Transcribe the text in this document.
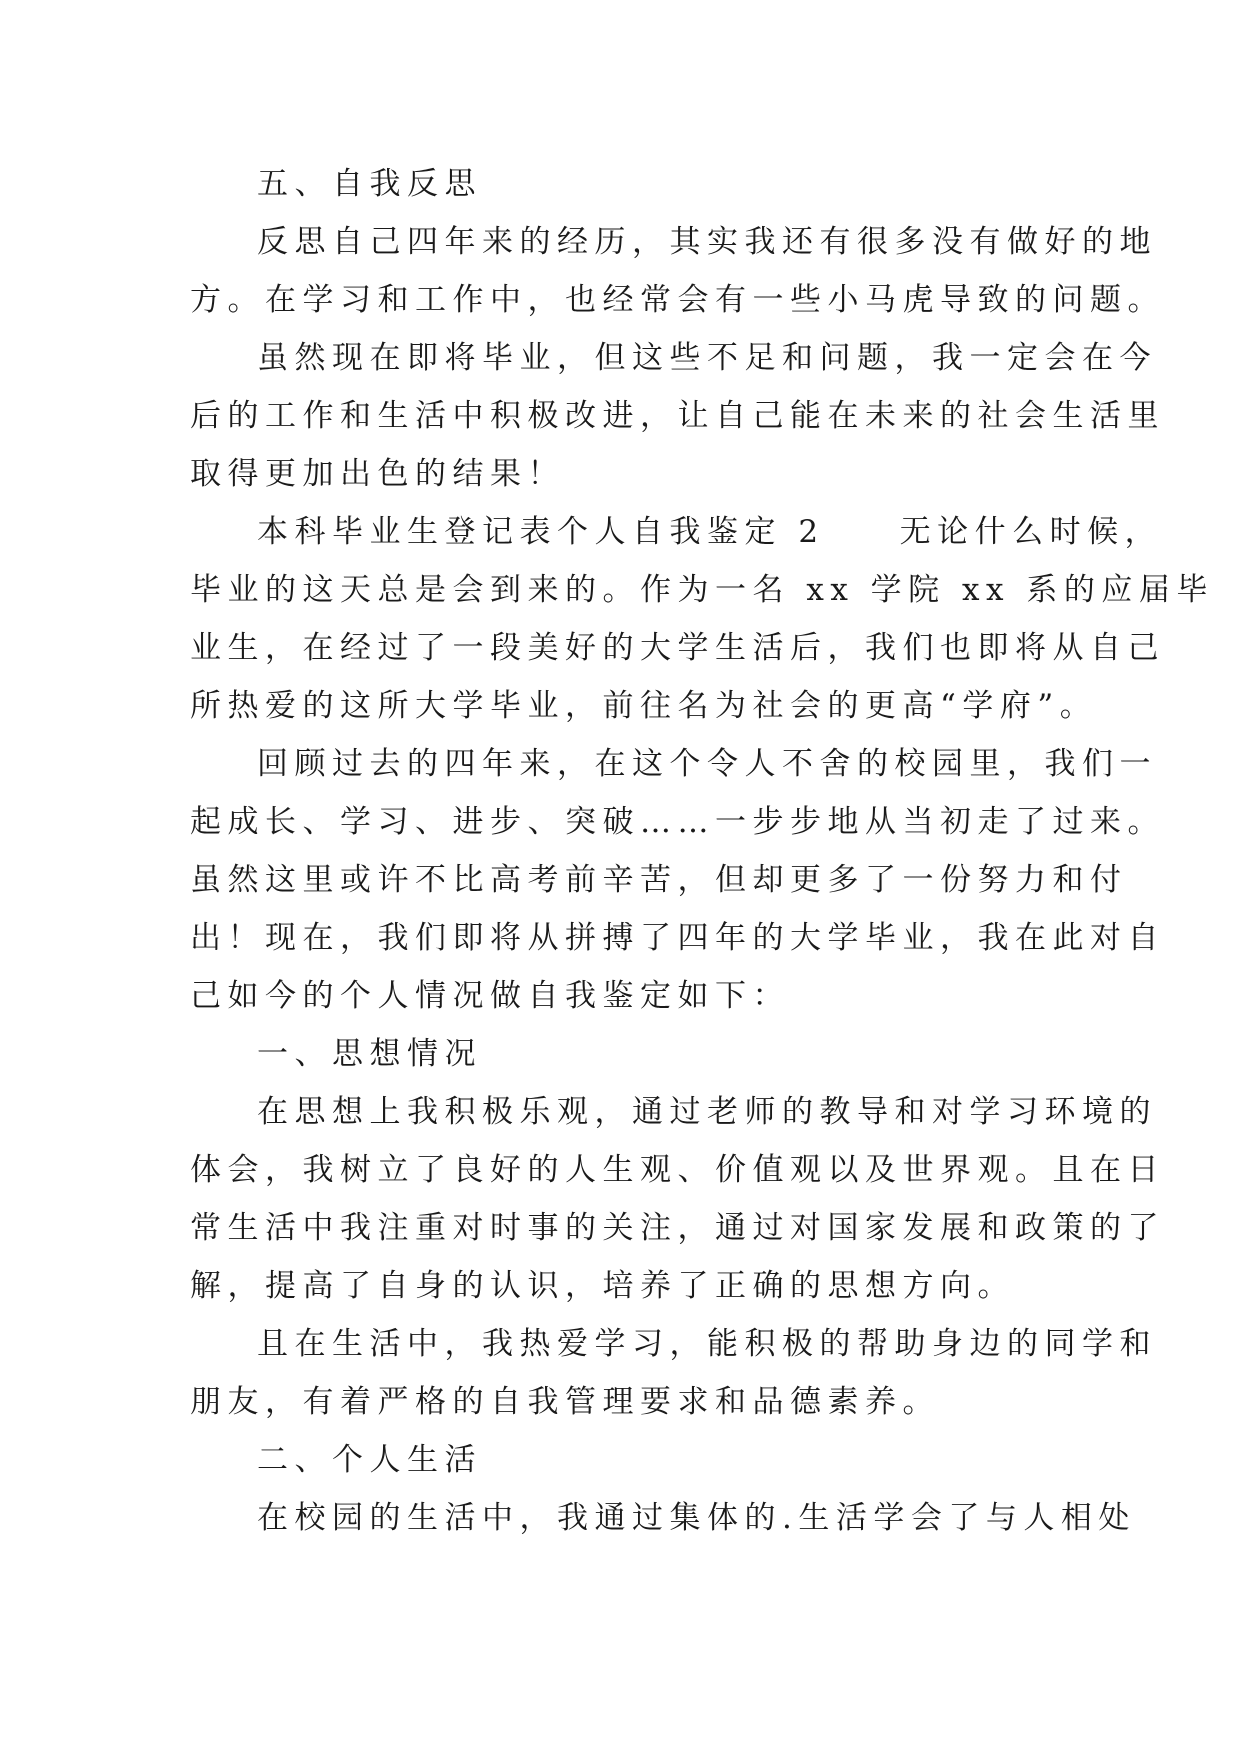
五、自我反思
反思自己四年来的经历，其实我还有很多没有做好的地
方。在学习和工作中，也经常会有一些小马虎导致的问题。
虽然现在即将毕业，但这些不足和问题，我一定会在今
后的工作和生活中积极改进，让自己能在未来的社会生活里
取得更加出色的结果！
本科毕业生登记表个人自我鉴定 2　　无论什么时候，
毕业的这天总是会到来的。作为一名 xx 学院 xx 系的应届毕
业生，在经过了一段美好的大学生活后，我们也即将从自己
所热爱的这所大学毕业，前往名为社会的更高“学府”。
回顾过去的四年来，在这个令人不舍的校园里，我们一
起成长、学习、进步、突破……一步步地从当初走了过来。
虽然这里或许不比高考前辛苦，但却更多了一份努力和付
出！现在，我们即将从拼搏了四年的大学毕业，我在此对自
己如今的个人情况做自我鉴定如下：
一、思想情况
在思想上我积极乐观，通过老师的教导和对学习环境的
体会，我树立了良好的人生观、价值观以及世界观。且在日
常生活中我注重对时事的关注，通过对国家发展和政策的了
解，提高了自身的认识，培养了正确的思想方向。
且在生活中，我热爱学习，能积极的帮助身边的同学和
朋友，有着严格的自我管理要求和品德素养。
二、个人生活
在校园的生活中，我通过集体的.生活学会了与人相处
